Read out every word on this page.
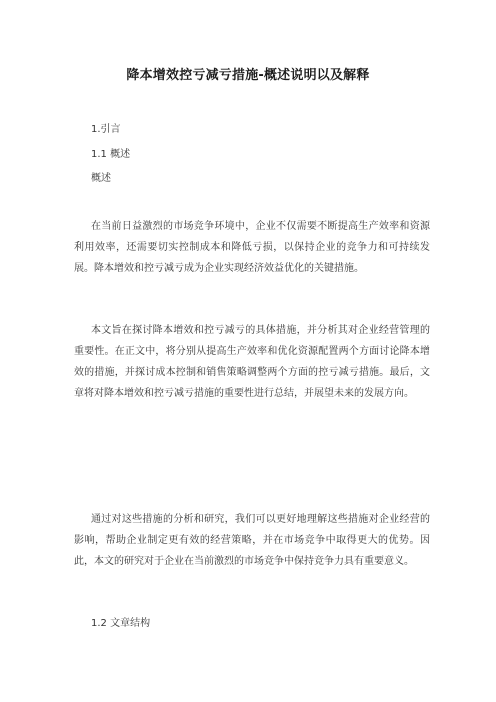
降本增效控亏减亏措施-概述说明以及解释

1.引言

1.1 概述

概述

在当前日益激烈的市场竞争环境中，企业不仅需要不断提高生产效率和资源利用效率，还需要切实控制成本和降低亏损，以保持企业的竞争力和可持续发展。降本增效和控亏减亏成为企业实现经济效益优化的关键措施。

本文旨在探讨降本增效和控亏减亏的具体措施，并分析其对企业经营管理的重要性。在正文中，将分别从提高生产效率和优化资源配置两个方面讨论降本增效的措施，并探讨成本控制和销售策略调整两个方面的控亏减亏措施。最后，文章将对降本增效和控亏减亏措施的重要性进行总结，并展望未来的发展方向。

通过对这些措施的分析和研究，我们可以更好地理解这些措施对企业经营的影响，帮助企业制定更有效的经营策略，并在市场竞争中取得更大的优势。因此，本文的研究对于企业在当前激烈的市场竞争中保持竞争力具有重要意义。

1.2 文章结构
